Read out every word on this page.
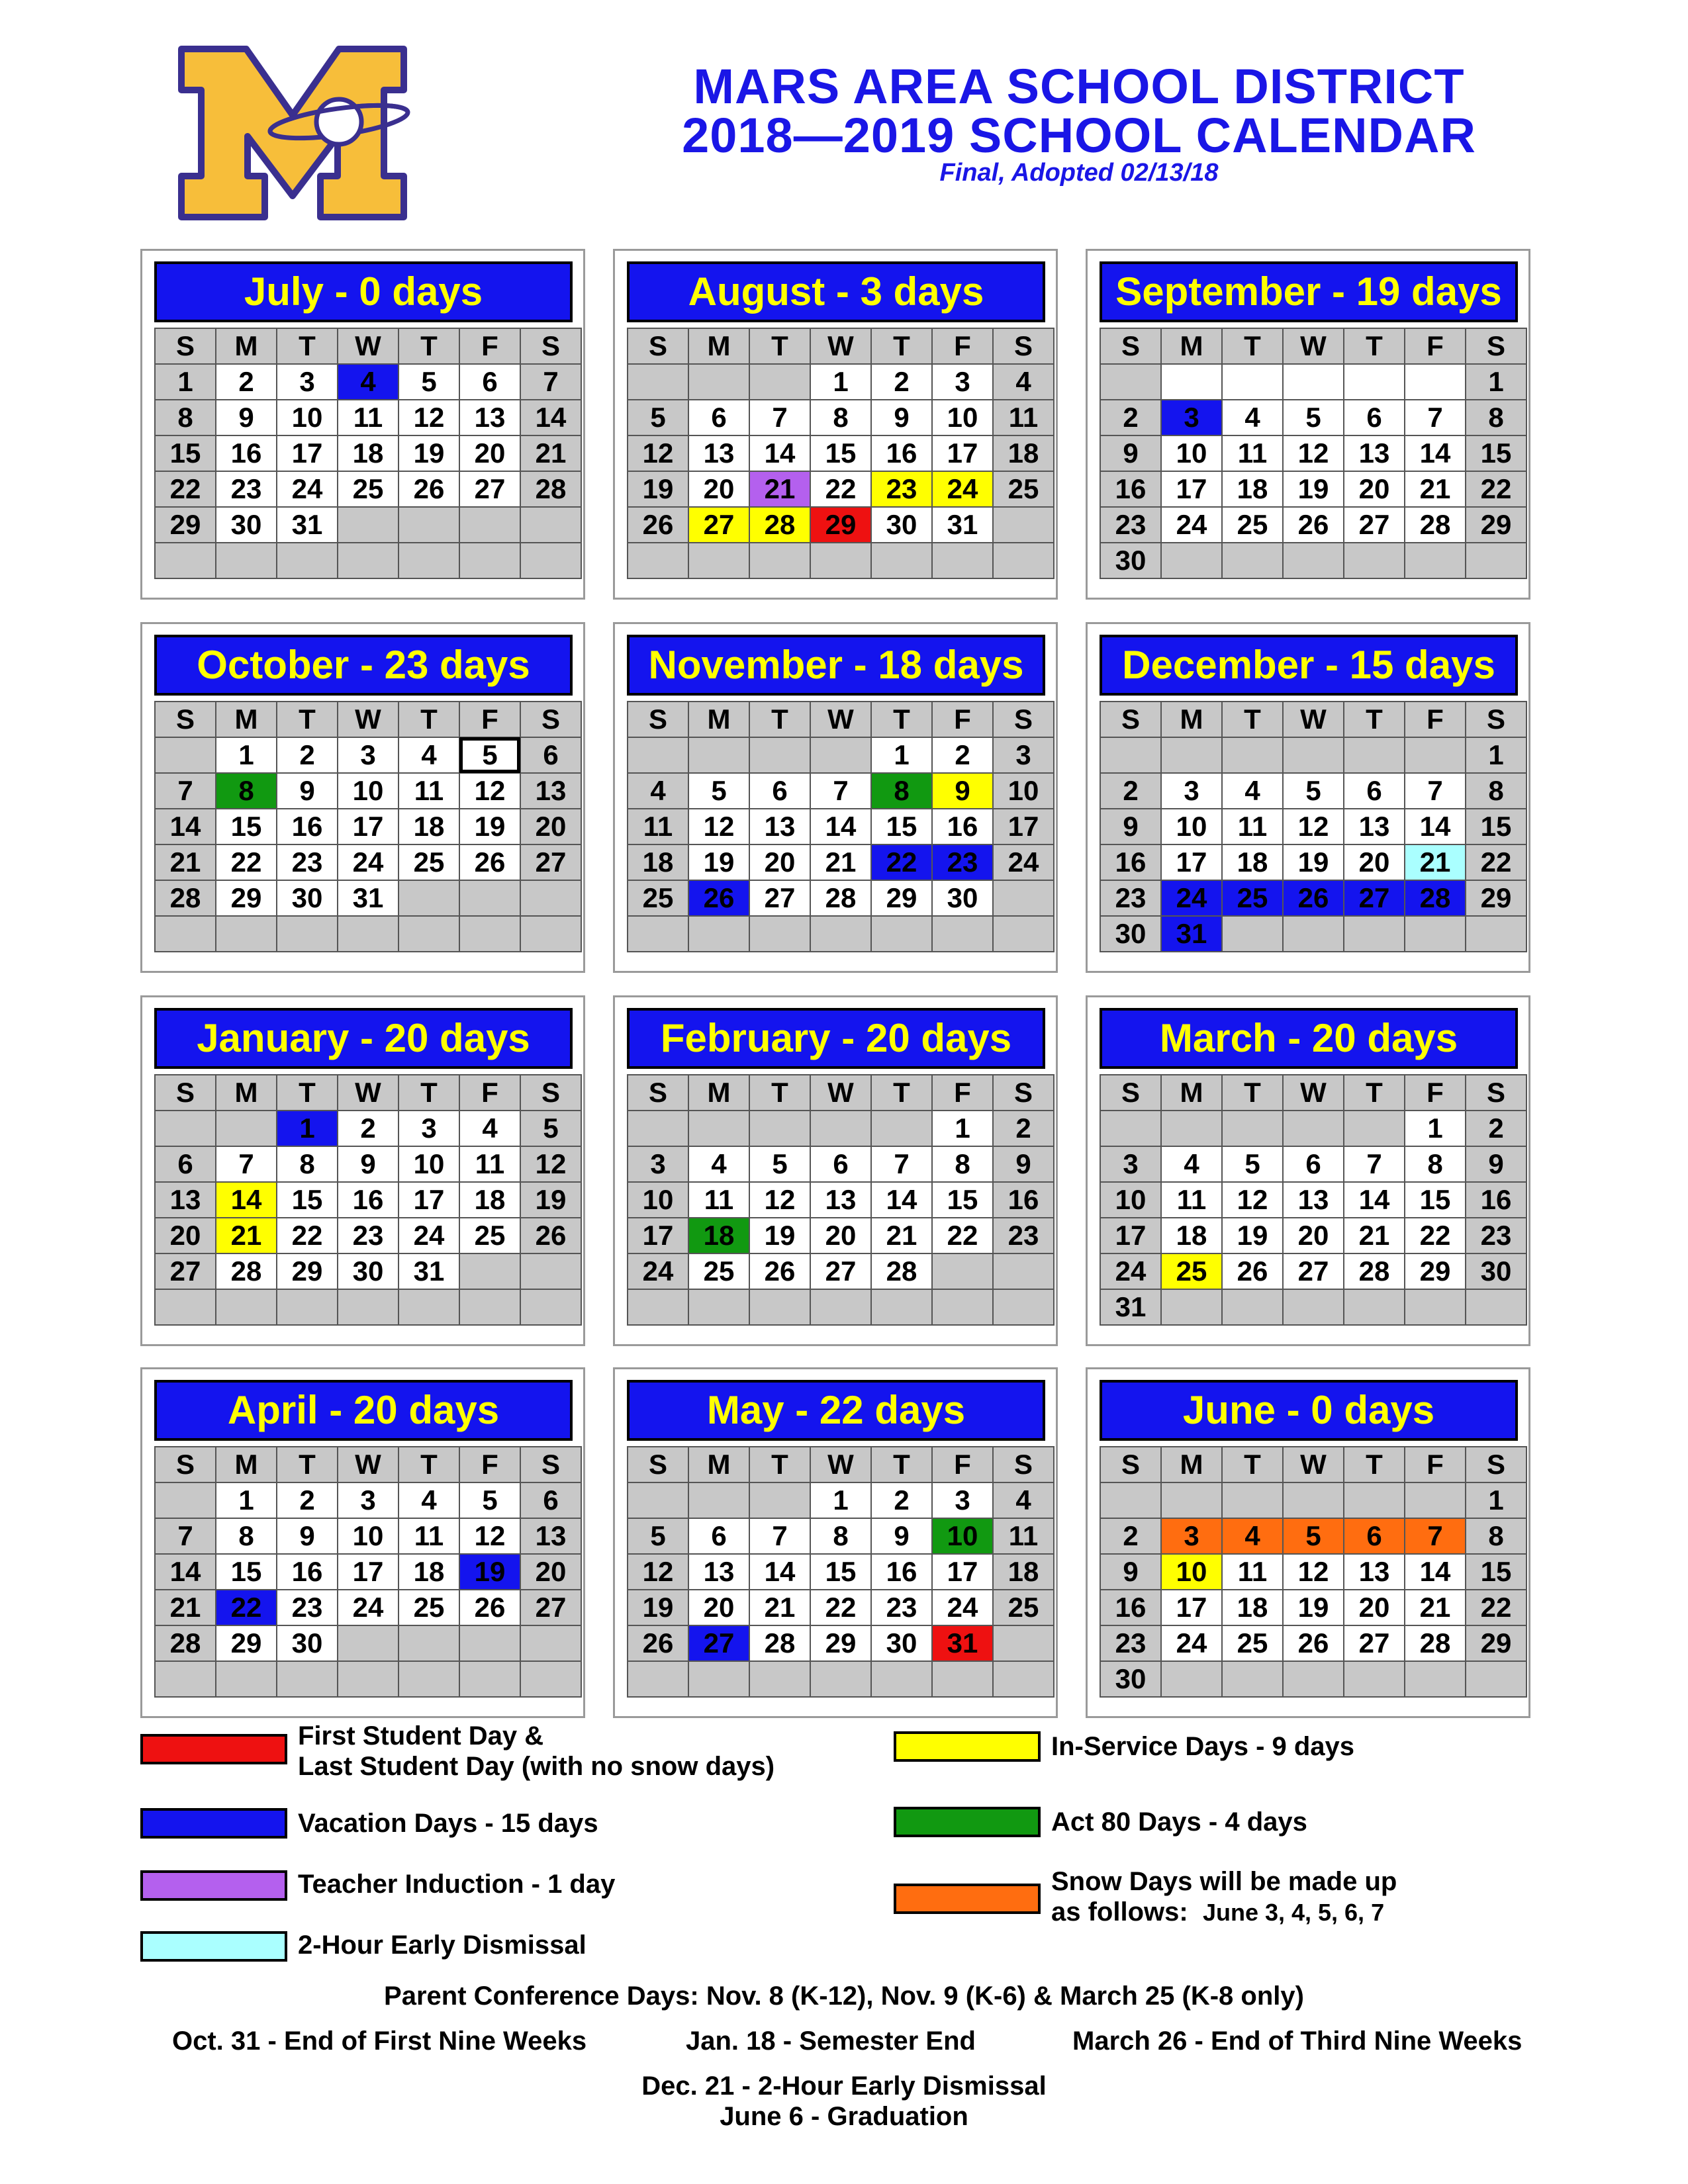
MARS AREA SCHOOL DISTRICT
2018—2019 SCHOOL CALENDAR
Final, Adopted 02/13/18
July - 0 days
S	M	T	W	T	F	S
1	2	3	4	5	6	7
8	9	10	11	12	13	14
15	16	17	18	19	20	21
22	23	24	25	26	27	28
29	30	31				

August - 3 days
S	M	T	W	T	F	S
			1	2	3	4
5	6	7	8	9	10	11
12	13	14	15	16	17	18
19	20	21	22	23	24	25
26	27	28	29	30	31	

September - 19 days
S	M	T	W	T	F	S
						1
2	3	4	5	6	7	8
9	10	11	12	13	14	15
16	17	18	19	20	21	22
23	24	25	26	27	28	29
30						
October - 23 days
S	M	T	W	T	F	S
	1	2	3	4	5	6
7	8	9	10	11	12	13
14	15	16	17	18	19	20
21	22	23	24	25	26	27
28	29	30	31			

November - 18 days
S	M	T	W	T	F	S
				1	2	3
4	5	6	7	8	9	10
11	12	13	14	15	16	17
18	19	20	21	22	23	24
25	26	27	28	29	30	

December - 15 days
S	M	T	W	T	F	S
						1
2	3	4	5	6	7	8
9	10	11	12	13	14	15
16	17	18	19	20	21	22
23	24	25	26	27	28	29
30	31					
January - 20 days
S	M	T	W	T	F	S
		1	2	3	4	5
6	7	8	9	10	11	12
13	14	15	16	17	18	19
20	21	22	23	24	25	26
27	28	29	30	31		

February - 20 days
S	M	T	W	T	F	S
					1	2
3	4	5	6	7	8	9
10	11	12	13	14	15	16
17	18	19	20	21	22	23
24	25	26	27	28		

March - 20 days
S	M	T	W	T	F	S
					1	2
3	4	5	6	7	8	9
10	11	12	13	14	15	16
17	18	19	20	21	22	23
24	25	26	27	28	29	30
31						
April - 20 days
S	M	T	W	T	F	S
	1	2	3	4	5	6
7	8	9	10	11	12	13
14	15	16	17	18	19	20
21	22	23	24	25	26	27
28	29	30				

May - 22 days
S	M	T	W	T	F	S
			1	2	3	4
5	6	7	8	9	10	11
12	13	14	15	16	17	18
19	20	21	22	23	24	25
26	27	28	29	30	31	

June - 0 days
S	M	T	W	T	F	S
						1
2	3	4	5	6	7	8
9	10	11	12	13	14	15
16	17	18	19	20	21	22
23	24	25	26	27	28	29
30						
First Student Day &
Last Student Day (with no snow days)
Vacation Days - 15 days
Teacher Induction - 1 day
2-Hour Early Dismissal
In-Service Days - 9 days
Act 80 Days - 4 days
Snow Days will be made up
as follows: June 3, 4, 5, 6, 7
Parent Conference Days: Nov. 8 (K-12), Nov. 9 (K-6) & March 25 (K-8 only)
Oct. 31 - End of First Nine Weeks	Jan. 18 - Semester End	March 26 - End of Third Nine Weeks
Dec. 21 - 2-Hour Early Dismissal
June 6 - Graduation
